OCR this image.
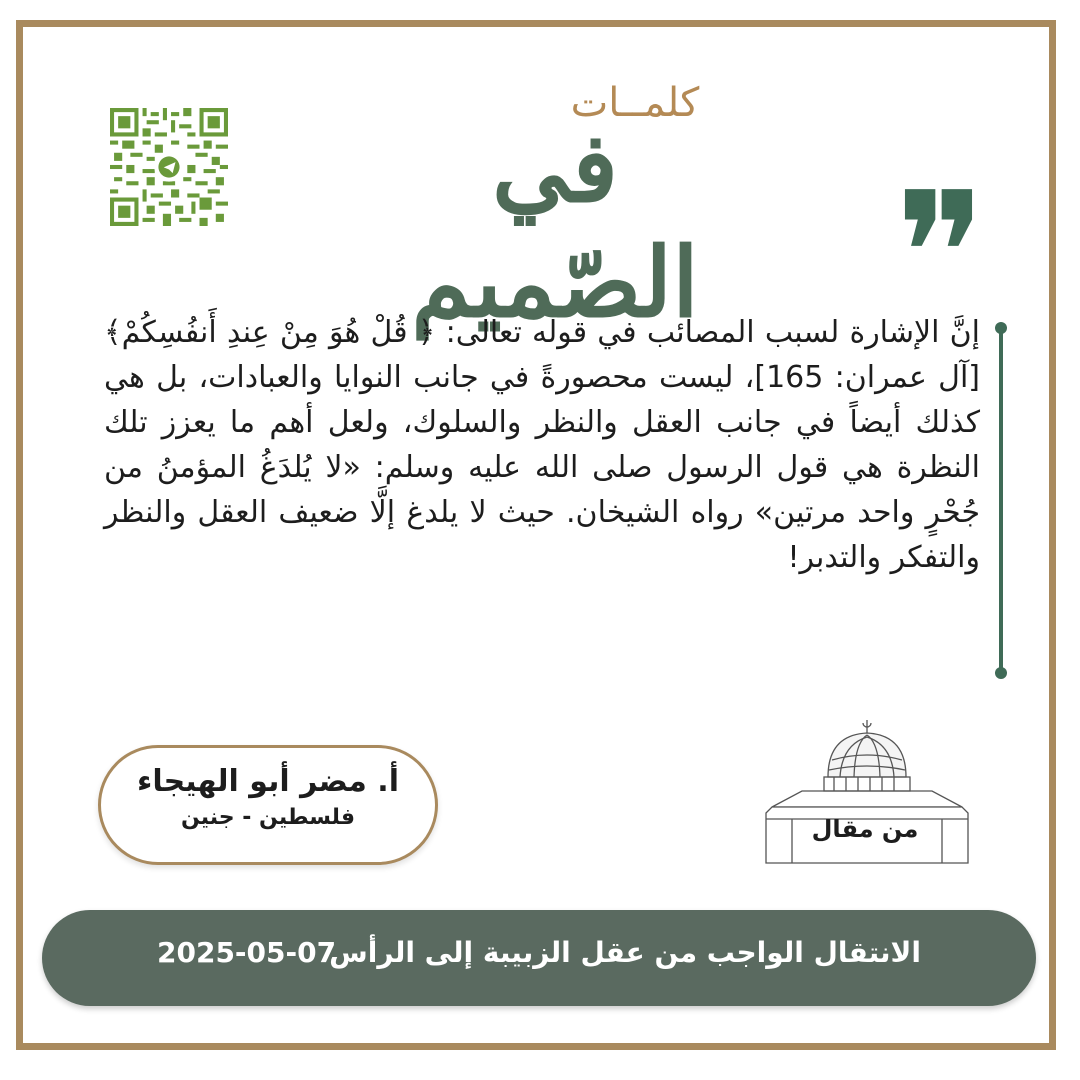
كلمــات
في الصّميم	❞
إنَّ الإشارة لسبب المصائب في قوله تعالى: ﴿ قُلْ هُوَ مِنْ عِندِ أَنفُسِكُمْ﴾ [آل عمران: 165]، ليست محصورةً في جانب النوايا والعبادات، بل هي كذلك أيضاً في جانب العقل والنظر والسلوك، ولعل أهم ما يعزز تلك النظرة هي قول الرسول صلى الله عليه وسلم: «لا يُلدَغُ المؤمنُ من جُحْرٍ واحد مرتين» رواه الشيخان. حيث لا يلدغ إلَّا ضعيف العقل والنظر والتفكر والتدبر!
أ. مضر أبو الهيجاء
فلسطين - جنين	من مقال
الانتقال الواجب من عقل الزبيبة إلى الرأس
2025-05-07
